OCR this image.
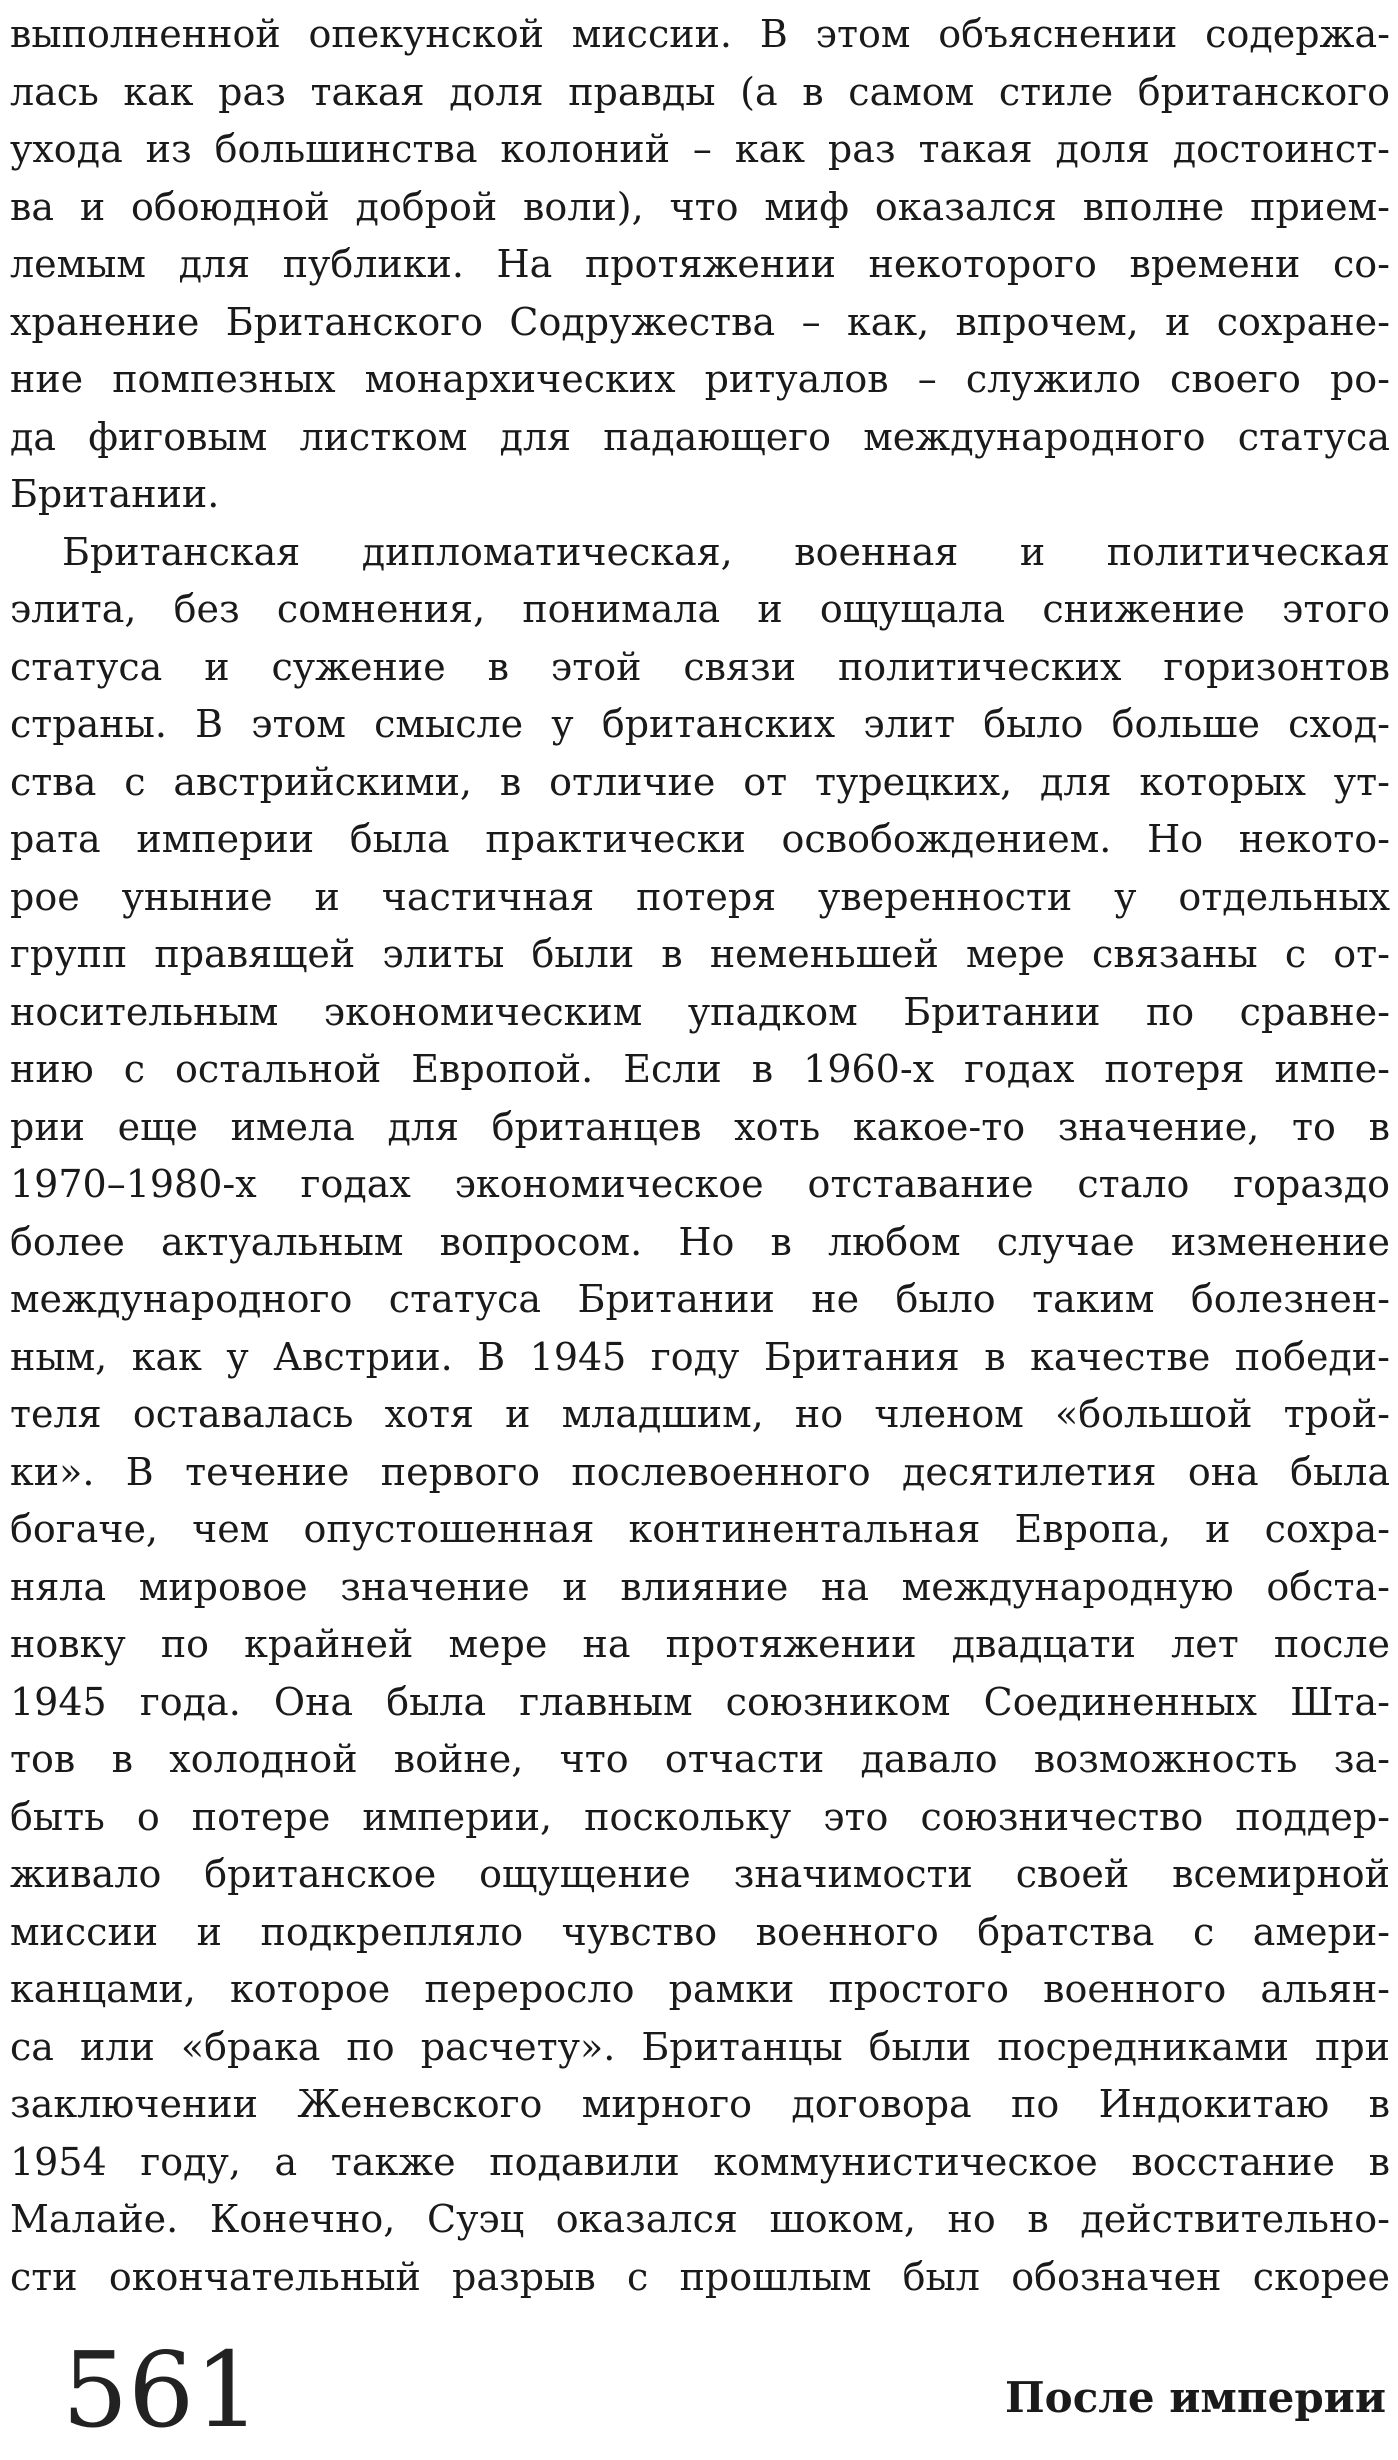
выполненной опекунской миссии. В этом объяснении содержа-
лась как раз такая доля правды (а в самом стиле британского
ухода из большинства колоний – как раз такая доля достоинст-
ва и обоюдной доброй воли), что миф оказался вполне прием-
лемым для публики. На протяжении некоторого времени со-
хранение Британского Содружества – как, впрочем, и сохране-
ние помпезных монархических ритуалов – служило своего ро-
да фиговым листком для падающего международного статуса
Британии.
Британская дипломатическая, военная и политическая
элита, без сомнения, понимала и ощущала снижение этого
статуса и сужение в этой связи политических горизонтов
страны. В этом смысле у британских элит было больше сход-
ства с австрийскими, в отличие от турецких, для которых ут-
рата империи была практически освобождением. Но некото-
рое уныние и частичная потеря уверенности у отдельных
групп правящей элиты были в неменьшей мере связаны с от-
носительным экономическим упадком Британии по сравне-
нию с остальной Европой. Если в 1960-х годах потеря импе-
рии еще имела для британцев хоть какое-то значение, то в
1970–1980-х годах экономическое отставание стало гораздо
более актуальным вопросом. Но в любом случае изменение
международного статуса Британии не было таким болезнен-
ным, как у Австрии. В 1945 году Британия в качестве победи-
теля оставалась хотя и младшим, но членом «большой трой-
ки». В течение первого послевоенного десятилетия она была
богаче, чем опустошенная континентальная Европа, и сохра-
няла мировое значение и влияние на международную обста-
новку по крайней мере на протяжении двадцати лет после
1945 года. Она была главным союзником Соединенных Шта-
тов в холодной войне, что отчасти давало возможность за-
быть о потере империи, поскольку это союзничество поддер-
живало британское ощущение значимости своей всемирной
миссии и подкрепляло чувство военного братства с амери-
канцами, которое переросло рамки простого военного альян-
са или «брака по расчету». Британцы были посредниками при
заключении Женевского мирного договора по Индокитаю в
1954 году, а также подавили коммунистическое восстание в
Малайе. Конечно, Суэц оказался шоком, но в действительно-
сти окончательный разрыв с прошлым был обозначен скорее
561	После империи
